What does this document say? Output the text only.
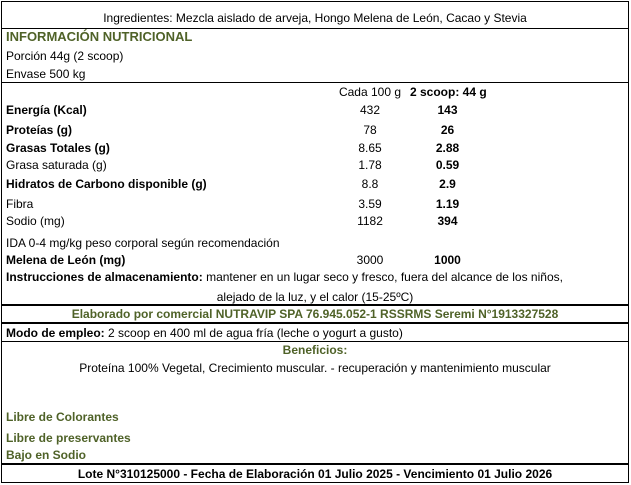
Ingredientes: Mezcla aislado de arveja, Hongo Melena de León, Cacao y Stevia
INFORMACIÓN NUTRICIONAL
Porción 44g (2 scoop)
Envase 500 kg
Cada 100 g 2 scoop: 44 g
Energía (Kcal)	432	143
Proteías (g)	78	26
Grasas Totales (g)	8.65	2.88
Grasa saturada (g)	1.78	0.59
Hidratos de Carbono disponible (g)	8.8	2.9
Fibra	3.59	1.19
Sodio (mg)	1182	394
IDA 0-4 mg/kg peso corporal según recomendación
Melena de León (mg)	3000	1000
Instrucciones de almacenamiento: mantener en un lugar seco y fresco, fuera del alcance de los niños,
alejado de la luz, y el calor (15-25ºC)
Elaborado por comercial NUTRAVIP SPA 76.945.052-1 RSSRMS Seremi N°1913327528
Modo de empleo: 2 scoop en 400 ml de agua fría (leche o yogurt a gusto)
Beneficios:
Proteína 100% Vegetal, Crecimiento muscular. - recuperación y mantenimiento muscular
Libre de Colorantes
Libre de preservantes
Bajo en Sodio
Lote N°310125000 - Fecha de Elaboración 01 Julio 2025 - Vencimiento 01 Julio 2026
